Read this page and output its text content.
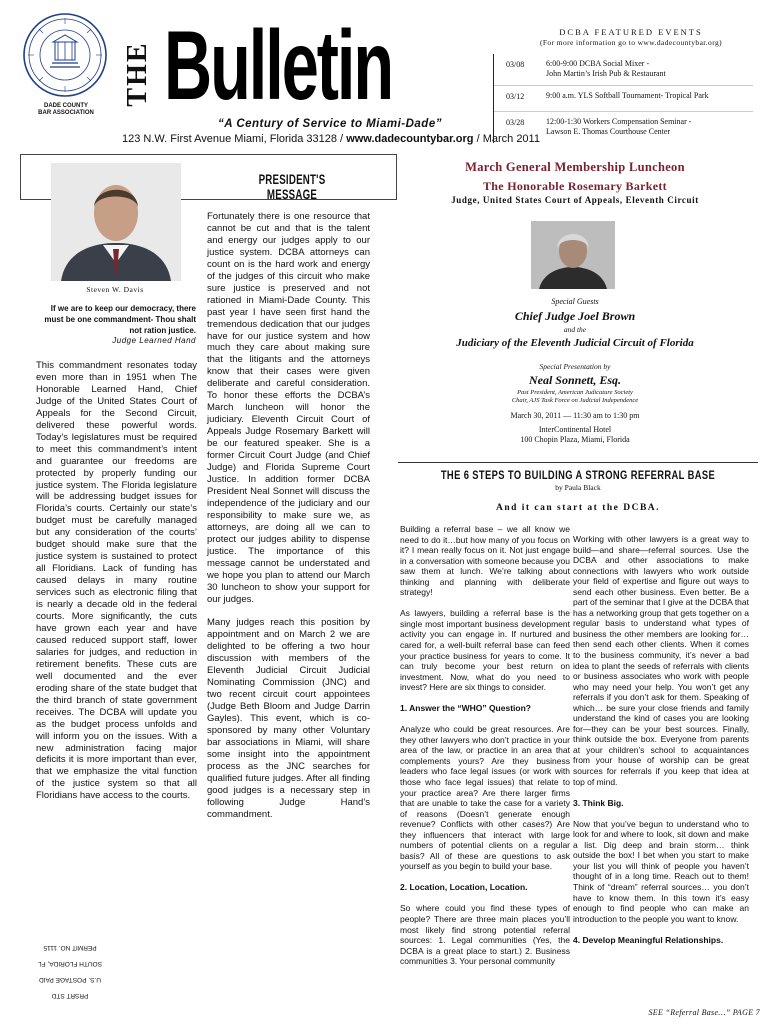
DADE COUNTY
BAR ASSOCIATION
THE Bulletin
“A Century of Service to Miami-Dade”
123 N.W. First Avenue Miami, Florida 33128 / www.dadecountybar.org / March 2011
DCBA FEATURED EVENTS
(For more information go to www.dadecountybar.org)
03/08	6:00-9:00 DCBA Social Mixer -
John Martin’s Irish Pub & Restaurant
03/12	9:00 a.m. YLS Softball Tournament- Tropical Park
03/28	12:00-1:30 Workers Compensation Seminar -
Lawson E. Thomas Courthouse Center
PRESIDENT'S MESSAGE
Steven W. Davis
If we are to keep our democracy, there must be one commandment- Thou shalt not ration justice.
Judge Learned Hand

This commandment resonates today even more than in 1951 when The Honorable Learned Hand, Chief Judge of the United States Court of Appeals for the Second Circuit, delivered these powerful words. Today’s legislatures must be required to meet this commandment’s intent and guarantee our freedoms are protected by properly funding our justice system. The Florida legislature will be addressing budget issues for Florida’s courts. Certainly our state’s budget must be carefully managed but any consideration of the courts’ budget should make sure that the justice system is sustained to protect all Floridians. Lack of funding has caused delays in many routine services such as electronic filing that is nearly a decade old in the federal courts. More significantly, the cuts have grown each year and have caused reduced support staff, lower salaries for judges, and reduction in retirement benefits. These cuts are well documented and the ever eroding share of the state budget that the third branch of state government receives. The DCBA will update you as the budget process unfolds and will inform you on the issues. With a new administration facing major deficits it is more important than ever, that we emphasize the vital function of the justice system so that all Floridians have access to the courts.

Fortunately there is one resource that cannot be cut and that is the talent and energy our judges apply to our justice system. DCBA attorneys can count on is the hard work and energy of the judges of this circuit who make sure justice is preserved and not rationed in Miami-Dade County. This past year I have seen first hand the tremendous dedication that our judges have for our justice system and how much they care about making sure that the litigants and the attorneys know that their cases were given deliberate and careful consideration. To honor these efforts the DCBA’s March luncheon will honor the judiciary. Eleventh Circuit Court of Appeals Judge Rosemary Barkett will be our featured speaker. She is a former Circuit Court Judge (and Chief Judge) and Florida Supreme Court Justice. In addition former DCBA President Neal Sonnet will discuss the independence of the judiciary and our responsibility to make sure we, as attorneys, are doing all we can to protect our judges ability to dispense justice. The importance of this message cannot be understated and we hope you plan to attend our March 30 luncheon to show your support for our judges.

Many judges reach this position by appointment and on March 2 we are delighted to be offering a two hour discussion with members of the Eleventh Judicial Circuit Judicial Nominating Commission (JNC) and two recent circuit court appointees (Judge Beth Bloom and Judge Darrin Gayles). This event, which is co-sponsored by many other Voluntary bar associations in Miami, will share some insight into the appointment process as the JNC searches for qualified future judges. After all finding good judges is a necessary step in following Judge Hand’s commandment.

March General Membership Luncheon
The Honorable Rosemary Barkett
Judge, United States Court of Appeals, Eleventh Circuit
Special Guests
Chief Judge Joel Brown
and the
Judiciary of the Eleventh Judicial Circuit of Florida
Special Presentation by
Neal Sonnett, Esq.
Past President, American Judicature Society
Chair, AJS Task Force on Judicial Independence
March 30, 2011 — 11:30 am to 1:30 pm
InterContinental Hotel
100 Chopin Plaza, Miami, Florida
THE 6 STEPS TO BUILDING A STRONG REFERRAL BASE
by Paula Black
And it can start at the DCBA.

Building a referral base – we all know we need to do it…but how many of you focus on it? I mean really focus on it. Not just engage in a conversation with someone because you saw them at lunch. We’re talking about thinking and planning with deliberate strategy!

As lawyers, building a referral base is the single most important business development activity you can engage in. If nurtured and cared for, a well-built referral base can feed your practice business for years to come. It can truly become your best return on investment. Now, what do you need to invest? Here are six things to consider.

1. Answer the “WHO” Question?

Analyze who could be great resources. Are they other lawyers who don’t practice in your area of the law, or practice in an area that complements yours? Are they business leaders who face legal issues (or work with those who face legal issues) that relate to your practice area? Are there larger firms that are unable to take the case for a variety of reasons (Doesn’t generate enough revenue? Conflicts with other cases?) Are they influencers that interact with large numbers of potential clients on a regular basis? All of these are questions to ask yourself as you begin to build your base.

2. Location, Location, Location.

So where could you find these types of people? There are three main places you’ll most likely find strong potential referral sources: 1. Legal communities (Yes, the DCBA is a great place to start.) 2. Business communities 3. Your personal community

Working with other lawyers is a great way to build—and share—referral sources. Use the DCBA and other associations to make connections with lawyers who work outside your field of expertise and figure out ways to send each other business. Even better. Be a part of the seminar that I give at the DCBA that has a networking group that gets together on a regular basis to understand what types of business the other members are looking for…then send each other clients. When it comes to the business community, it’s never a bad idea to plant the seeds of referrals with clients or business associates who work with people who may need your help. You won’t get any referrals if you don’t ask for them. Speaking of which… be sure your close friends and family understand the kind of cases you are looking for—they can be your best sources. Finally, think outside the box. Everyone from parents at your children’s school to acquaintances from your house of worship can be great sources for referrals if you keep that idea at top of mind.

3. Think Big.

Now that you’ve begun to understand who to look for and where to look, sit down and make a list. Dig deep and brain storm… think outside the box! I bet when you start to make your list you will think of people you haven’t thought of in a long time. Reach out to them! Think of “dream” referral sources… you don’t have to know them. In this town it’s easy enough to find people who can make an introduction to the people you want to know.

4. Develop Meaningful Relationships.

SEE “Referral Base…” PAGE 7
PRSRT STD
U.S. POSTAGE PAID
SOUTH FLORIDA, FL
PERMIT NO. 1115
